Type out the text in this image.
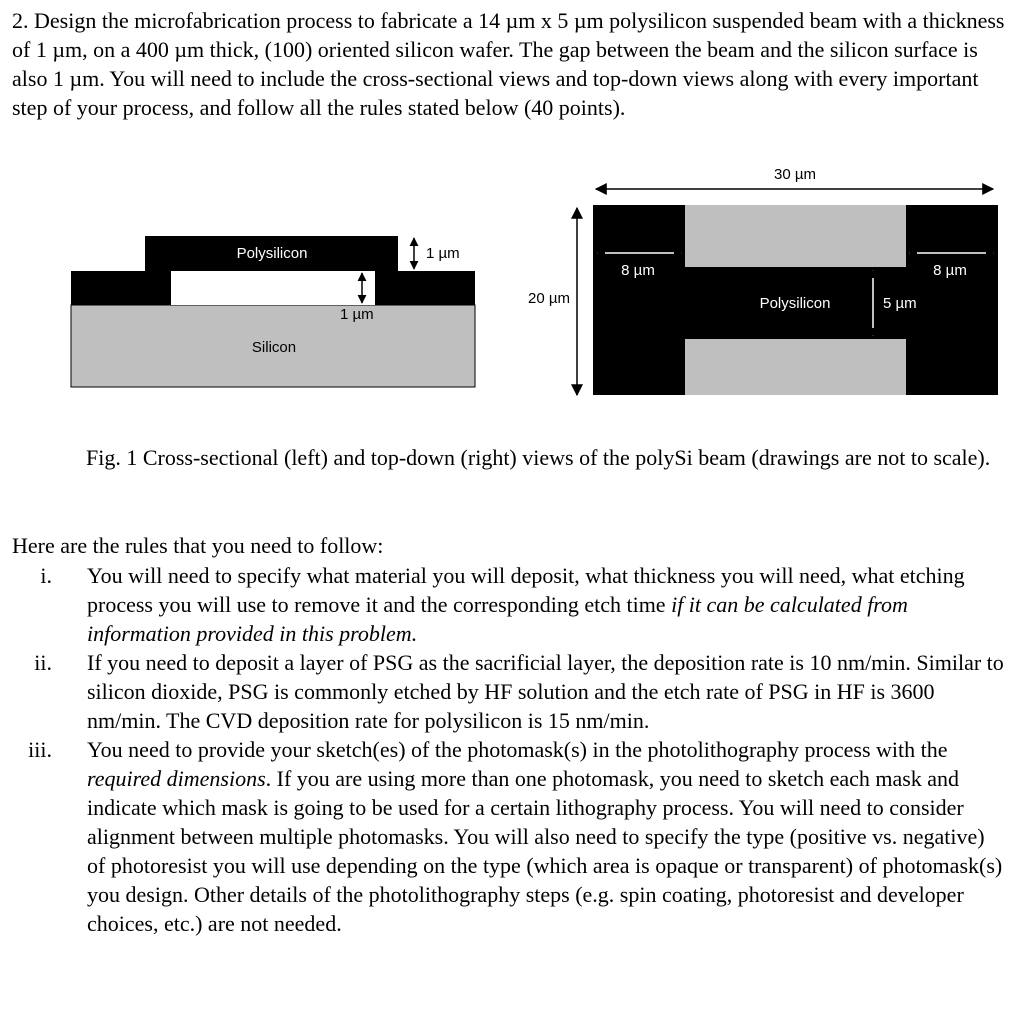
2. Design the microfabrication process to fabricate a 14 µm x 5 µm polysilicon suspended beam with a thickness of 1 µm, on a 400 µm thick, (100) oriented silicon wafer. The gap between the beam and the silicon surface is also 1 µm. You will need to include the cross-sectional views and top-down views along with every important step of your process, and follow all the rules stated below (40 points).

Polysilicon
Silicon
1 µm
1 µm
30 µm
20 µm
8 µm	8 µm
Polysilicon	5 µm

Fig. 1 Cross-sectional (left) and top-down (right) views of the polySi beam (drawings are not to scale).

Here are the rules that you need to follow:

i. You will need to specify what material you will deposit, what thickness you will need, what etching process you will use to remove it and the corresponding etch time if it can be calculated from information provided in this problem.
ii. If you need to deposit a layer of PSG as the sacrificial layer, the deposition rate is 10 nm/min. Similar to silicon dioxide, PSG is commonly etched by HF solution and the etch rate of PSG in HF is 3600 nm/min. The CVD deposition rate for polysilicon is 15 nm/min.
iii. You need to provide your sketch(es) of the photomask(s) in the photolithography process with the required dimensions. If you are using more than one photomask, you need to sketch each mask and indicate which mask is going to be used for a certain lithography process. You will need to consider alignment between multiple photomasks. You will also need to specify the type (positive vs. negative) of photoresist you will use depending on the type (which area is opaque or transparent) of photomask(s) you design. Other details of the photolithography steps (e.g. spin coating, photoresist and developer choices, etc.) are not needed.
